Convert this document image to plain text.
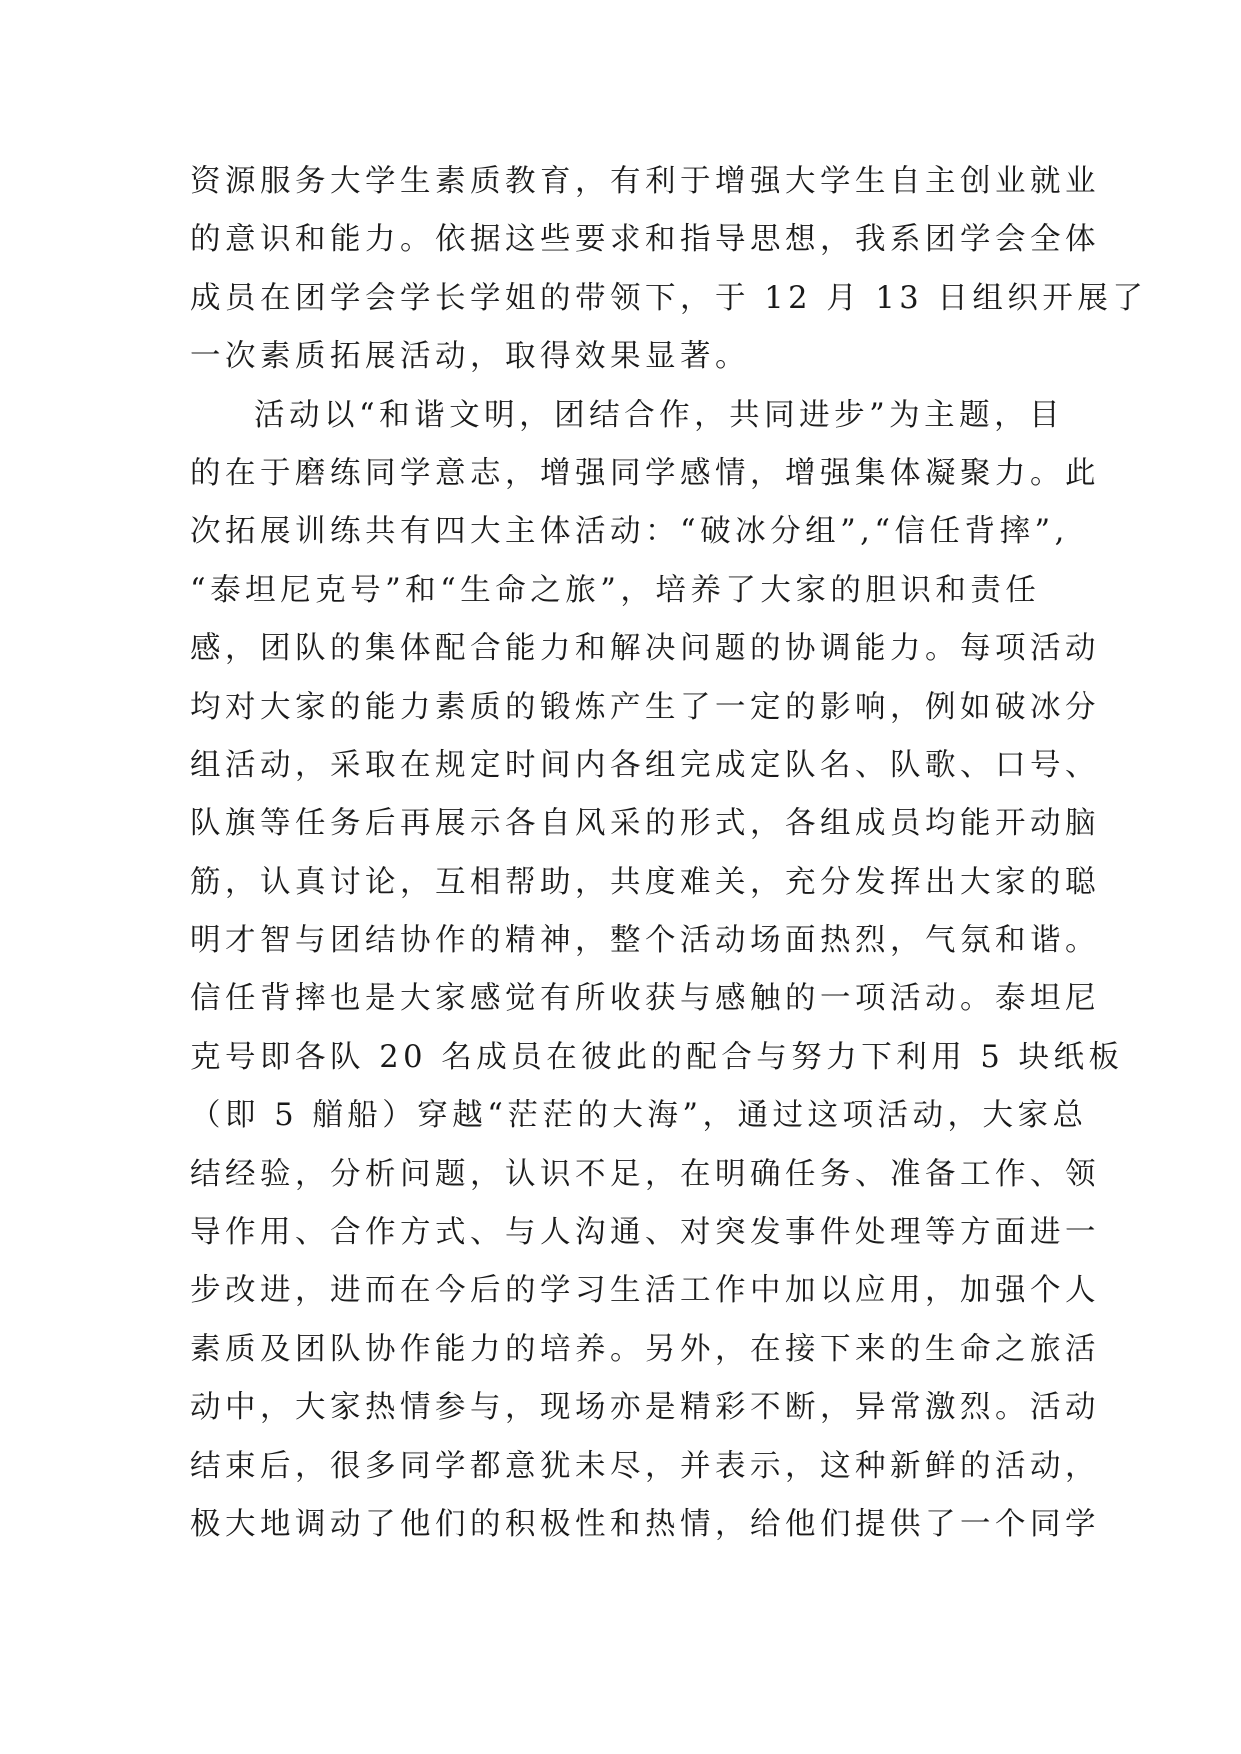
资源服务大学生素质教育，有利于增强大学生自主创业就业
的意识和能力。依据这些要求和指导思想，我系团学会全体
成员在团学会学长学姐的带领下，于 12 月 13 日组织开展了
一次素质拓展活动，取得效果显著。
活动以“和谐文明，团结合作，共同进步”为主题，目
的在于磨练同学意志，增强同学感情，增强集体凝聚力。此
次拓展训练共有四大主体活动：“破冰分组”,“信任背摔”,
“泰坦尼克号”和“生命之旅”，培养了大家的胆识和责任
感，团队的集体配合能力和解决问题的协调能力。每项活动
均对大家的能力素质的锻炼产生了一定的影响，例如破冰分
组活动，采取在规定时间内各组完成定队名、队歌、口号、
队旗等任务后再展示各自风采的形式，各组成员均能开动脑
筋，认真讨论，互相帮助，共度难关，充分发挥出大家的聪
明才智与团结协作的精神，整个活动场面热烈，气氛和谐。
信任背摔也是大家感觉有所收获与感触的一项活动。泰坦尼
克号即各队 20 名成员在彼此的配合与努力下利用 5 块纸板
（即 5 艏船）穿越“茫茫的大海”，通过这项活动，大家总
结经验，分析问题，认识不足，在明确任务、准备工作、领
导作用、合作方式、与人沟通、对突发事件处理等方面进一
步改进，进而在今后的学习生活工作中加以应用，加强个人
素质及团队协作能力的培养。另外，在接下来的生命之旅活
动中，大家热情参与，现场亦是精彩不断，异常激烈。活动
结束后，很多同学都意犹未尽，并表示，这种新鲜的活动，
极大地调动了他们的积极性和热情，给他们提供了一个同学
